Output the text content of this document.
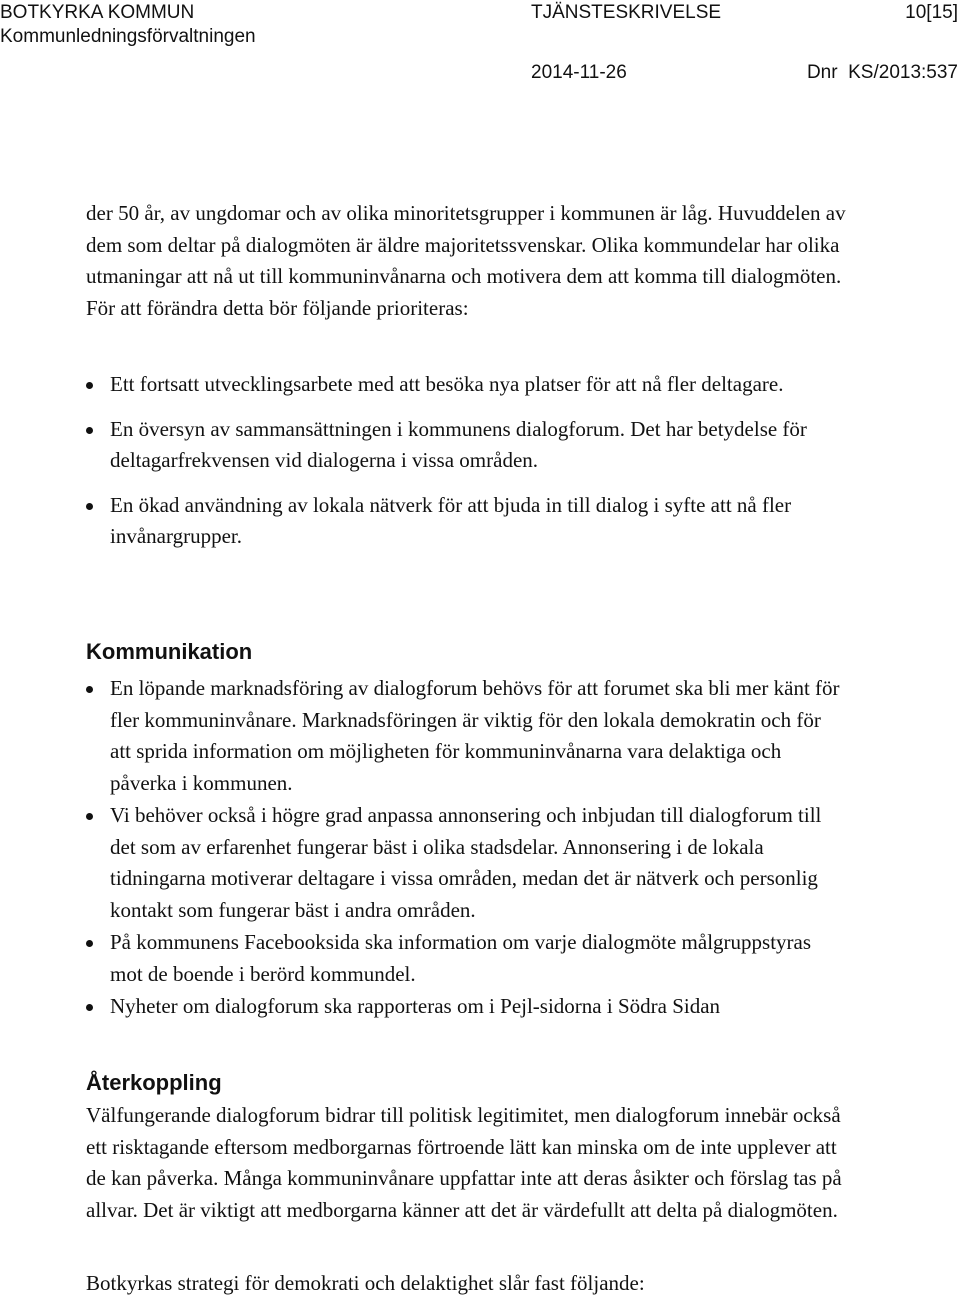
BOTKYRKA KOMMUN
Kommunledningsförvaltningen
TJÄNSTESKRIVELSE	10[15]
2014-11-26	Dnr  KS/2013:537

der 50 år, av ungdomar och av olika minoritetsgrupper i kommunen är låg. Huvuddelen av dem som deltar på dialogmöten är äldre majoritetssvenskar. Olika kommundelar har olika utmaningar att nå ut till kommuninvånarna och motivera dem att komma till dialogmöten. För att förändra detta bör följande prioriteras:

Ett fortsatt utvecklingsarbete med att besöka nya platser för att nå fler deltagare.
En översyn av sammansättningen i kommunens dialogforum. Det har betydelse för deltagarfrekvensen vid dialogerna i vissa områden.
En ökad användning av lokala nätverk för att bjuda in till dialog i syfte att nå fler invånargrupper.
Kommunikation
En löpande marknadsföring av dialogforum behövs för att forumet ska bli mer känt för fler kommuninvånare. Marknadsföringen är viktig för den lokala demokratin och för att sprida information om möjligheten för kommuninvånarna vara delaktiga och påverka i kommunen.
Vi behöver också i högre grad anpassa annonsering och inbjudan till dialogforum till det som av erfarenhet fungerar bäst i olika stadsdelar. Annonsering i de lokala tidningarna motiverar deltagare i vissa områden, medan det är nätverk och personlig kontakt som fungerar bäst i andra områden.
På kommunens Facebooksida ska information om varje dialogmöte målgruppstyras mot de boende i berörd kommundel.
Nyheter om dialogforum ska rapporteras om i Pejl-sidorna i Södra Sidan
Återkoppling

Välfungerande dialogforum bidrar till politisk legitimitet, men dialogforum innebär också ett risktagande eftersom medborgarnas förtroende lätt kan minska om de inte upplever att de kan påverka. Många kommuninvånare uppfattar inte att deras åsikter och förslag tas på allvar. Det är viktigt att medborgarna känner att det är värdefullt att delta på dialogmöten.

Botkyrkas strategi för demokrati och delaktighet slår fast följande:
